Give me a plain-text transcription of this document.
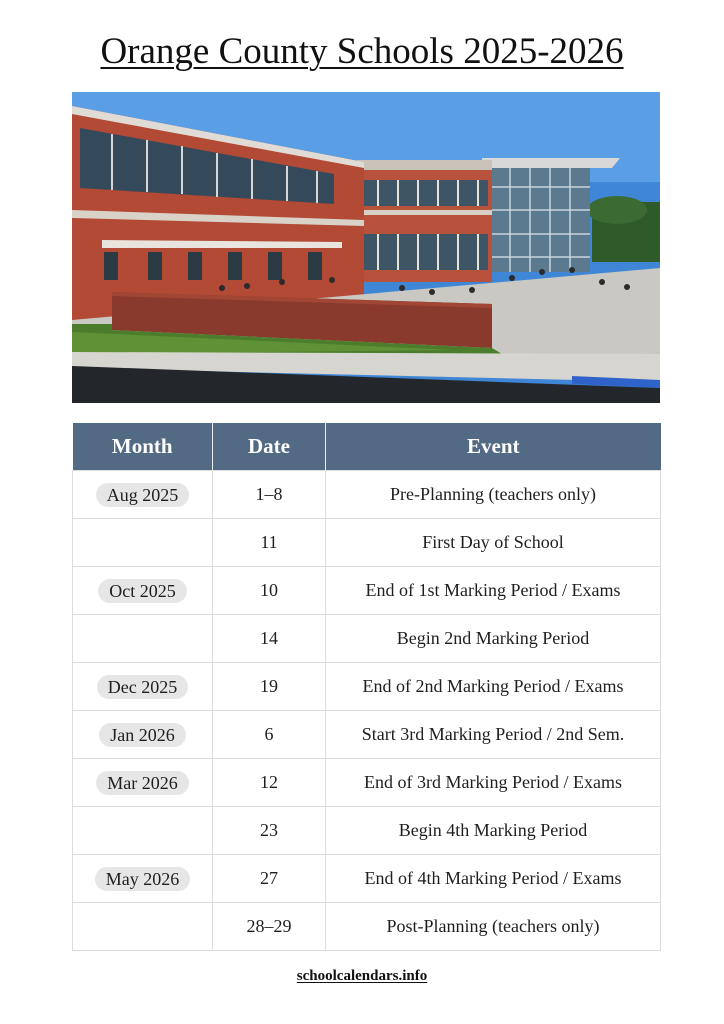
Orange County Schools 2025-2026
Month	Date	Event
Aug 2025	1–8	Pre-Planning (teachers only)
	11	First Day of School
Oct 2025	10	End of 1st Marking Period / Exams
	14	Begin 2nd Marking Period
Dec 2025	19	End of 2nd Marking Period / Exams
Jan 2026	6	Start 3rd Marking Period / 2nd Sem.
Mar 2026	12	End of 3rd Marking Period / Exams
	23	Begin 4th Marking Period
May 2026	27	End of 4th Marking Period / Exams
	28–29	Post-Planning (teachers only)
schoolcalendars.info
